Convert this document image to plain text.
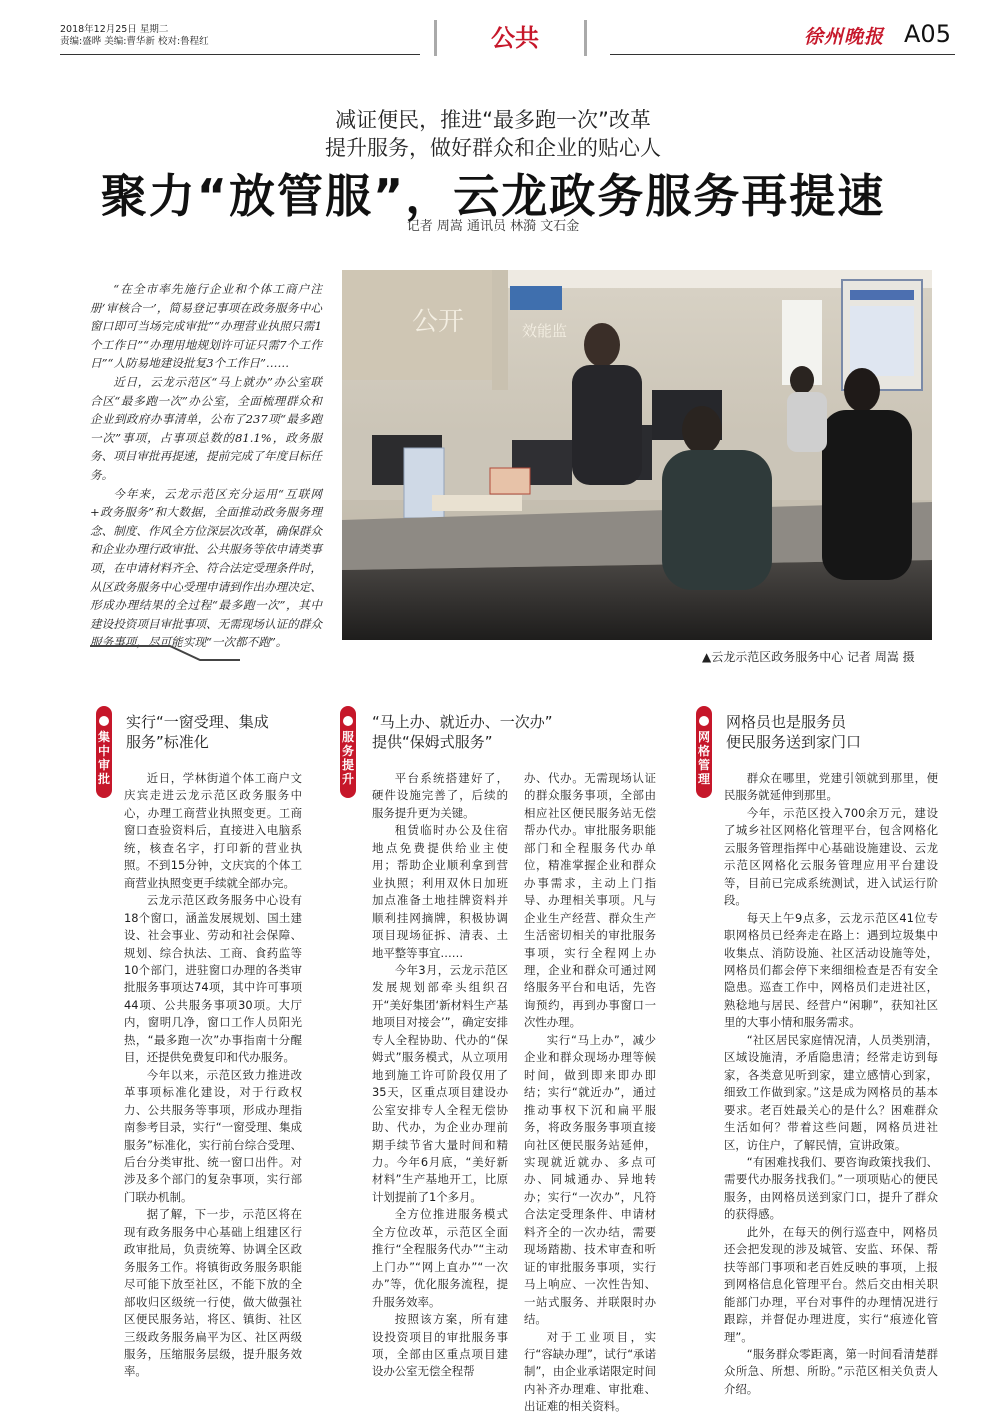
2018年12月25日 星期二
责编:盛晔 美编:曹华新 校对:鲁程红	公共	徐州晚报 A05
减证便民，推进“最多跑一次”改革
提升服务，做好群众和企业的贴心人
聚力“放管服”，云龙政务服务再提速
记者 周嵩 通讯员 林漪 文石金

“在全市率先施行企业和个体工商户注册‘审核合一’，简易登记事项在政务服务中心窗口即可当场完成审批”“办理营业执照只需1个工作日”“办理用地规划许可证只需7个工作日”“人防易地建设批复3个工作日”……

近日，云龙示范区“马上就办”办公室联合区“最多跑一次”办公室，全面梳理群众和企业到政府办事清单，公布了237项“最多跑一次”事项，占事项总数的81.1%，政务服务、项目审批再提速，提前完成了年度目标任务。

今年来，云龙示范区充分运用“互联网+政务服务”和大数据，全面推动政务服务理念、制度、作风全方位深层次改革，确保群众和企业办理行政审批、公共服务等依申请类事项，在申请材料齐全、符合法定受理条件时，从区政务服务中心受理申请到作出办理决定、形成办理结果的全过程“最多跑一次”，其中建设投资项目审批事项、无需现场认证的群众服务事项，尽可能实现“一次都不跑”。

公开	效能监
▲云龙示范区政务服务中心 记者 周嵩 摄
集中审批
实行“一窗受理、集成
服务”标准化	服务提升
“马上办、就近办、一次办”
提供“保姆式服务”	网格管理
网格员也是服务员
便民服务送到家门口

近日，学林街道个体工商户文庆宾走进云龙示范区政务服务中心，办理工商营业执照变更。工商窗口查验资料后，直接进入电脑系统，核查名字，打印新的营业执照。不到15分钟，文庆宾的个体工商营业执照变更手续就全部办完。

云龙示范区政务服务中心设有18个窗口，涵盖发展规划、国土建设、社会事业、劳动和社会保障、规划、综合执法、工商、食药监等10个部门，进驻窗口办理的各类审批服务事项达74项，其中许可事项44项、公共服务事项30项。大厅内，窗明几净，窗口工作人员阳光热，“最多跑一次”办事指南十分醒目，还提供免费复印和代办服务。

今年以来，示范区致力推进改革事项标准化建设，对于行政权力、公共服务等事项，形成办理指南参考目录，实行“一窗受理、集成服务”标准化，实行前台综合受理、后台分类审批、统一窗口出件。对涉及多个部门的复杂事项，实行部门联办机制。

据了解，下一步，示范区将在现有政务服务中心基础上组建区行政审批局，负责统筹、协调全区政务服务工作。将镇街政务服务职能尽可能下放至社区，不能下放的全部收归区级统一行使，做大做强社区便民服务站，将区、镇街、社区三级政务服务扁平为区、社区两级服务，压缩服务层级，提升服务效率。

平台系统搭建好了，硬件设施完善了，后续的服务提升更为关键。

租赁临时办公及住宿地点免费提供给业主使用；帮助企业顺利拿到营业执照；利用双休日加班加点准备土地挂牌资料并顺利挂网摘牌，积极协调项目现场征拆、清表、土地平整等事宜……

今年3月，云龙示范区发展规划部牵头组织召开“美好集团‘新材料生产基地项目对接会’”，确定安排专人全程协助、代办的“保姆式”服务模式，从立项用地到施工许可阶段仅用了35天，区重点项目建设办公室安排专人全程无偿协助、代办，为企业办理前期手续节省大量时间和精力。今年6月底，“美好新材料”生产基地开工，比原计划提前了1个多月。

全方位推进服务模式全方位改革，示范区全面推行“全程服务代办”“主动上门办”“网上直办”“一次办”等，优化服务流程，提升服务效率。

按照该方案，所有建设投资项目的审批服务事项，全部由区重点项目建设办公室无偿全程帮

办、代办。无需现场认证的群众服务事项，全部由相应社区便民服务站无偿帮办代办。审批服务职能部门和全程服务代办单位，精准掌握企业和群众办事需求，主动上门指导、办理相关事项。凡与企业生产经营、群众生产生活密切相关的审批服务事项，实行全程网上办理，企业和群众可通过网络服务平台和电话，先咨询预约，再到办事窗口一次性办理。

实行“马上办”，减少企业和群众现场办理等候时间，做到即来即办即结；实行“就近办”，通过推动事权下沉和扁平服务，将政务服务事项直接向社区便民服务站延伸，实现就近就办、多点可办、同城通办、异地转办；实行“一次办”，凡符合法定受理条件、申请材料齐全的一次办结，需要现场踏勘、技术审查和听证的审批服务事项，实行马上响应、一次性告知、一站式服务、并联限时办结。

对于工业项目，实行“容缺办理”，试行“承诺制”，由企业承诺限定时间内补齐办理难、审批难、出证难的相关资料。

群众在哪里，党建引领就到那里，便民服务就延伸到那里。

今年，示范区投入700余万元，建设了城乡社区网格化管理平台，包含网格化云服务管理指挥中心基础设施建设、云龙示范区网格化云服务管理应用平台建设等，目前已完成系统测试，进入试运行阶段。

每天上午9点多，云龙示范区41位专职网格员已经奔走在路上：遇到垃圾集中收集点、消防设施、社区活动设施等处，网格员们都会停下来细细检查是否有安全隐患。巡查工作中，网格员们走进社区，熟稔地与居民、经营户“闲聊”，获知社区里的大事小情和服务需求。

“社区居民家庭情况清，人员类别清，区域设施清，矛盾隐患清；经常走访到每家，各类意见听到家，建立感情心到家，细致工作做到家。”这是成为网格员的基本要求。老百姓最关心的是什么？困难群众生活如何？带着这些问题，网格员进社区，访住户，了解民情，宣讲政策。

“有困难找我们、要咨询政策找我们、需要代办服务找我们。”一项项贴心的便民服务，由网格员送到家门口，提升了群众的获得感。

此外，在每天的例行巡查中，网格员还会把发现的涉及城管、安监、环保、帮扶等部门事项和老百姓反映的事项，上报到网格信息化管理平台。然后交由相关职能部门办理，平台对事件的办理情况进行跟踪，并督促办理进度，实行“痕迹化管理”。

“服务群众零距离，第一时间看清楚群众所急、所想、所盼。”示范区相关负责人介绍。
